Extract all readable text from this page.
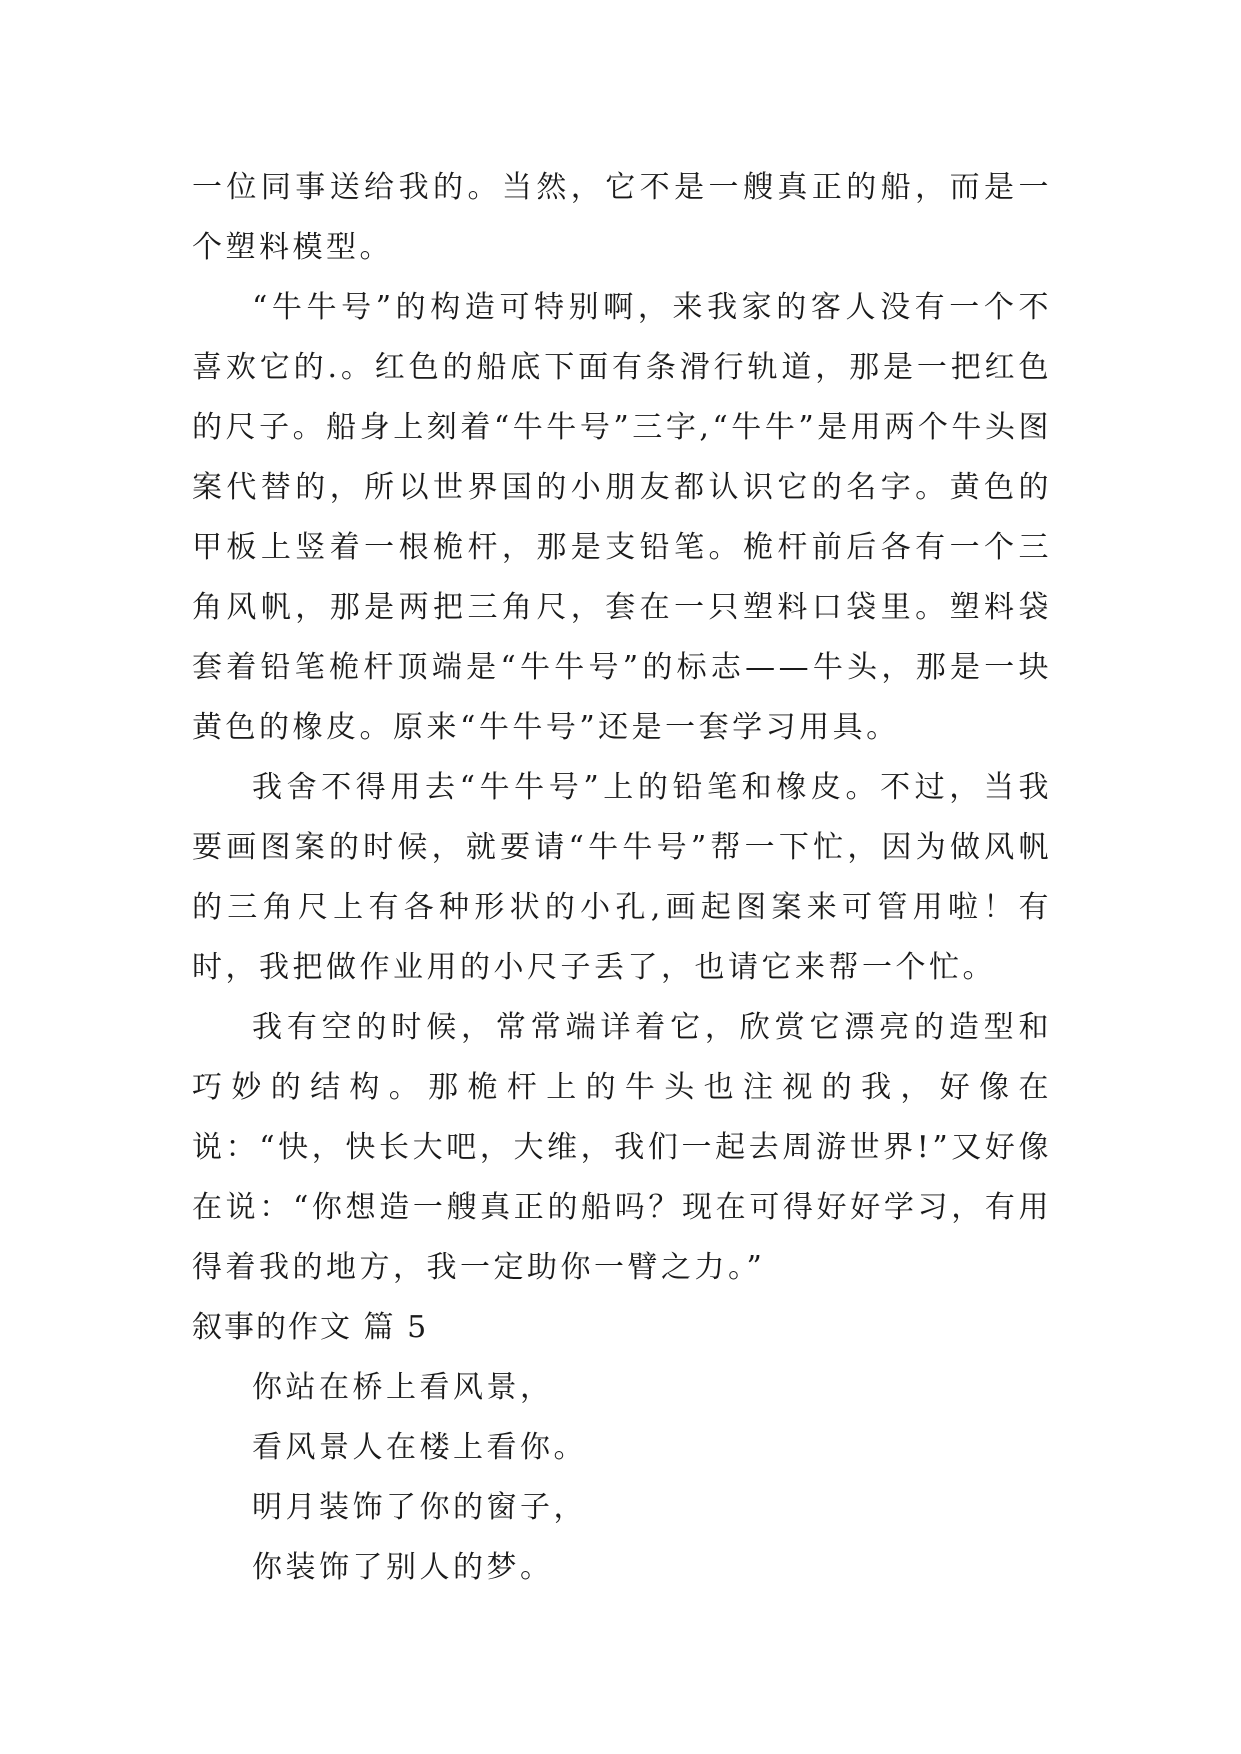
一位同事送给我的。当然，它不是一艘真正的船，而是一个塑料模型。

“牛牛号”的构造可特别啊，来我家的客人没有一个不喜欢它的.。红色的船底下面有条滑行轨道，那是一把红色的尺子。船身上刻着“牛牛号”三字,“牛牛”是用两个牛头图案代替的，所以世界国的小朋友都认识它的名字。黄色的甲板上竖着一根桅杆，那是支铅笔。桅杆前后各有一个三角风帆，那是两把三角尺，套在一只塑料口袋里。塑料袋套着铅笔桅杆顶端是“牛牛号”的标志——牛头，那是一块黄色的橡皮。原来“牛牛号”还是一套学习用具。

我舍不得用去“牛牛号”上的铅笔和橡皮。不过，当我要画图案的时候，就要请“牛牛号”帮一下忙，因为做风帆的三角尺上有各种形状的小孔,画起图案来可管用啦！有时，我把做作业用的小尺子丢了，也请它来帮一个忙。

我有空的时候，常常端详着它，欣赏它漂亮的造型和巧妙的结构。那桅杆上的牛头也注视的我，好像在说：“快，快长大吧，大维，我们一起去周游世界!”又好像在说：“你想造一艘真正的船吗？现在可得好好学习，有用得着我的地方，我一定助你一臂之力。”

叙事的作文 篇 5

你站在桥上看风景，

看风景人在楼上看你。

明月装饰了你的窗子，

你装饰了别人的梦。
